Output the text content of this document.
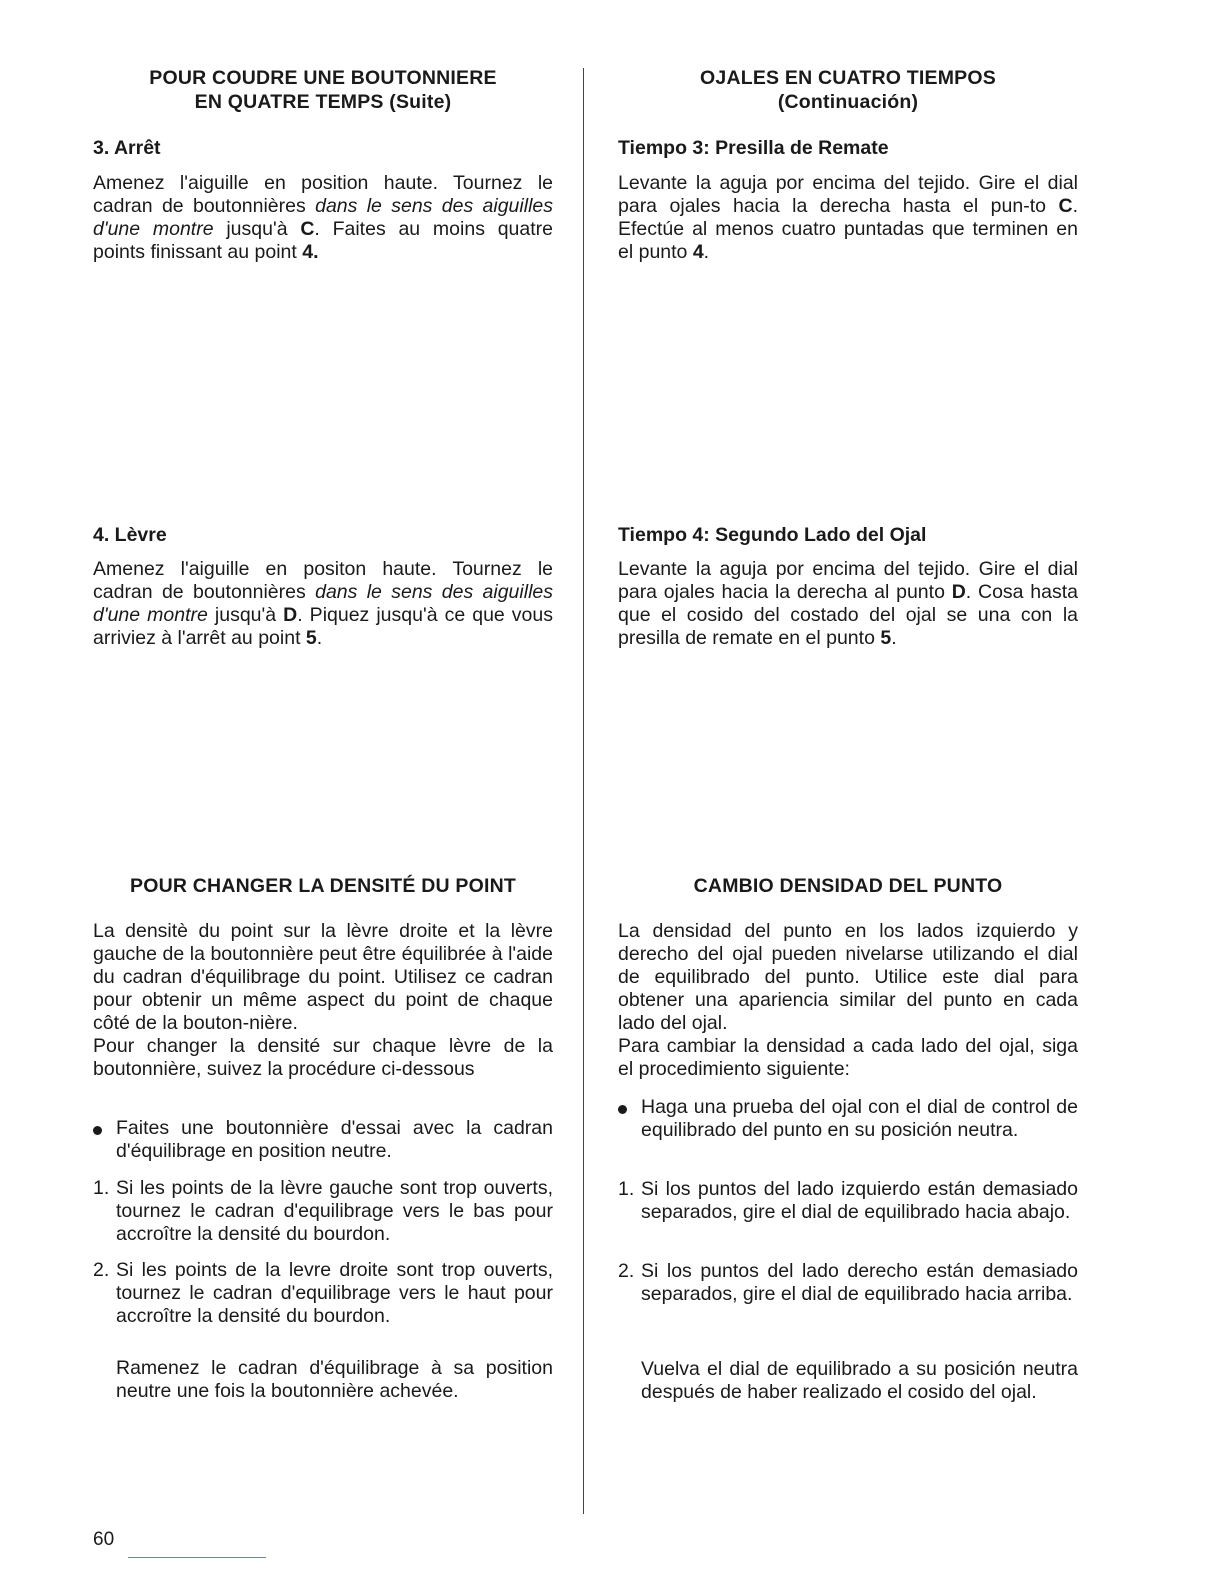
POUR COUDRE UNE BOUTONNIERE
EN QUATRE TEMPS (Suite)
3. Arrêt
Amenez l'aiguille en position haute. Tournez le cadran de boutonnières dans le sens des aiguilles d'une montre jusqu'à C. Faites au moins quatre points finissant au point 4.
4. Lèvre
Amenez l'aiguille en positon haute. Tournez le cadran de boutonnières dans le sens des aiguilles d'une montre jusqu'à D. Piquez jusqu'à ce que vous arriviez à l'arrêt au point 5.
POUR CHANGER LA DENSITÉ DU POINT
La densitè du point sur la lèvre droite et la lèvre gauche de la boutonnière peut être équilibrée à l'aide du cadran d'équilibrage du point. Utilisez ce cadran pour obtenir un même aspect du point de chaque côté de la bouton-nière.
Pour changer la densité sur chaque lèvre de la boutonnière, suivez la procédure ci-dessous
Faites une boutonnière d'essai avec la cadran d'équilibrage en position neutre.
1. Si les points de la lèvre gauche sont trop ouverts, tournez le cadran d'equilibrage vers le bas pour accroître la densité du bourdon.
2. Si les points de la levre droite sont trop ouverts, tournez le cadran d'equilibrage vers le haut pour accroître la densité du bourdon.
Ramenez le cadran d'équilibrage à sa position neutre une fois la boutonnière achevée.
OJALES EN CUATRO TIEMPOS
(Continuación)
Tiempo 3: Presilla de Remate
Levante la aguja por encima del tejido. Gire el dial para ojales hacia la derecha hasta el pun-to C. Efectúe al menos cuatro puntadas que terminen en el punto 4.
Tiempo 4: Segundo Lado del Ojal
Levante la aguja por encima del tejido. Gire el dial para ojales hacia la derecha al punto D. Cosa hasta que el cosido del costado del ojal se una con la presilla de remate en el punto 5.
CAMBIO DENSIDAD DEL PUNTO
La densidad del punto en los lados izquierdo y derecho del ojal pueden nivelarse utilizando el dial de equilibrado del punto. Utilice este dial para obtener una apariencia similar del punto en cada lado del ojal.
Para cambiar la densidad a cada lado del ojal, siga el procedimiento siguiente:
Haga una prueba del ojal con el dial de control de equilibrado del punto en su posición neutra.
1. Si los puntos del lado izquierdo están demasiado separados, gire el dial de equilibrado hacia abajo.
2. Si los puntos del lado derecho están demasiado separados, gire el dial de equilibrado hacia arriba.
Vuelva el dial de equilibrado a su posición neutra después de haber realizado el cosido del ojal.
60
